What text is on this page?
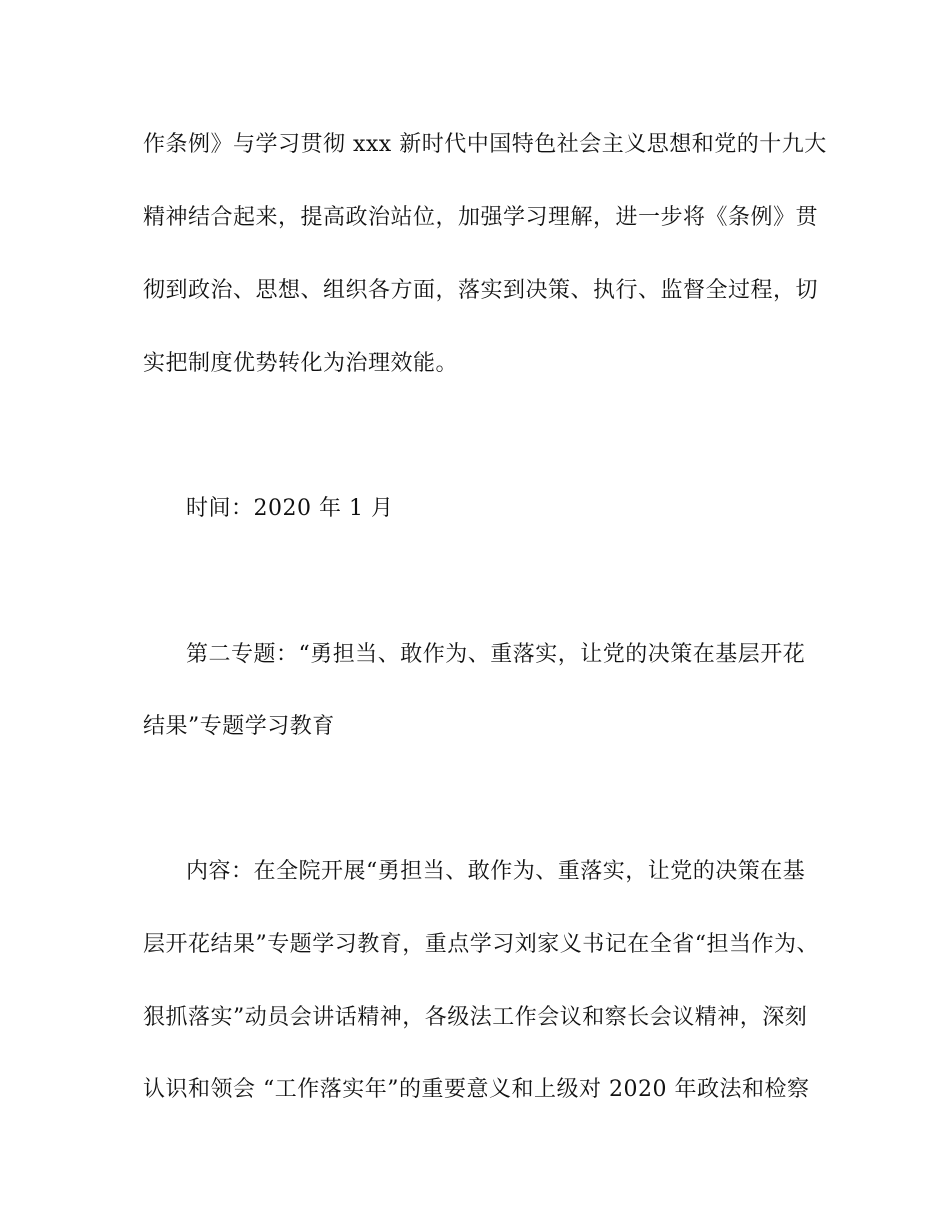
作条例》与学习贯彻 xxx 新时代中国特色社会主义思想和党的十九大
精神结合起来，提高政治站位，加强学习理解，进一步将《条例》贯
彻到政治、思想、组织各方面，落实到决策、执行、监督全过程，切
实把制度优势转化为治理效能。
时间：2020 年 1 月
第二专题：“勇担当、敢作为、重落实，让党的决策在基层开花
结果”专题学习教育
内容：在全院开展“勇担当、敢作为、重落实，让党的决策在基
层开花结果”专题学习教育，重点学习刘家义书记在全省“担当作为、
狠抓落实”动员会讲话精神，各级法工作会议和察长会议精神，深刻
认识和领会 “工作落实年”的重要意义和上级对 2020 年政法和检察
